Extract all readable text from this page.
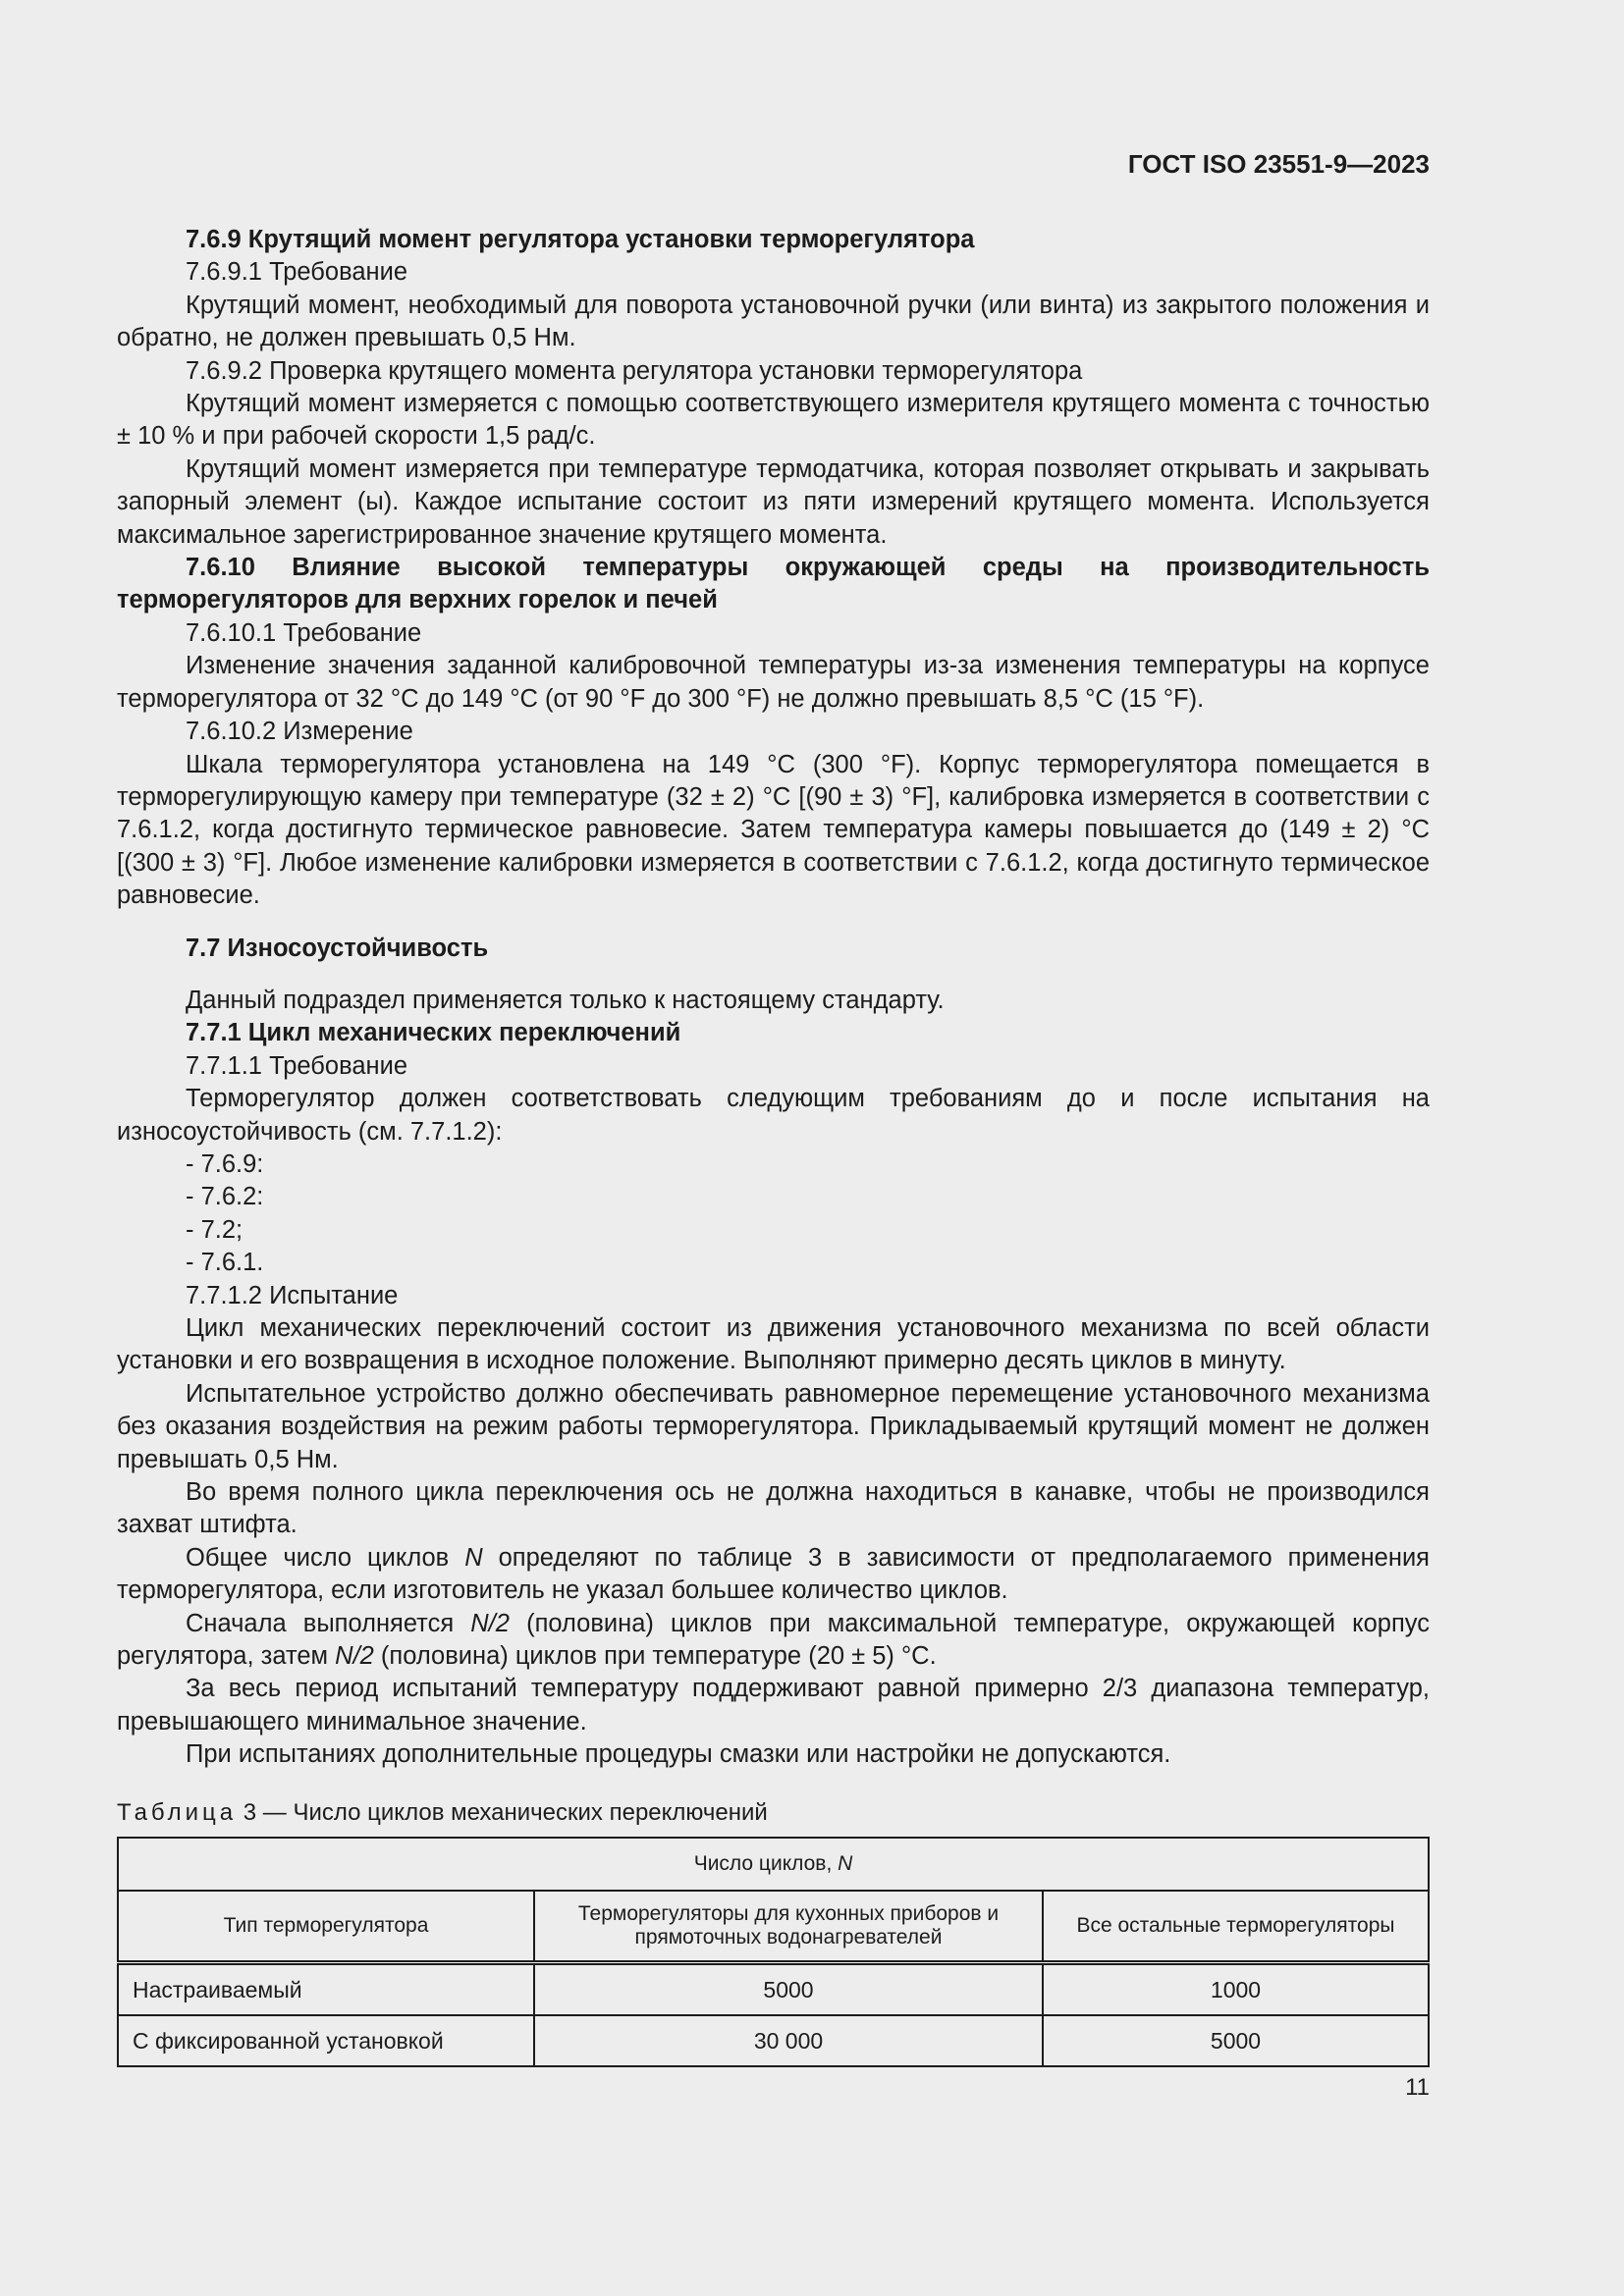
ГОСТ ISO 23551-9—2023

7.6.9 Крутящий момент регулятора установки терморегулятора

7.6.9.1 Требование

Крутящий момент, необходимый для поворота установочной ручки (или винта) из закрытого положения и обратно, не должен превышать 0,5 Нм.

7.6.9.2 Проверка крутящего момента регулятора установки терморегулятора

Крутящий момент измеряется с помощью соответствующего измерителя крутящего момента с точностью ± 10 % и при рабочей скорости 1,5 рад/с.

Крутящий момент измеряется при температуре термодатчика, которая позволяет открывать и закрывать запорный элемент (ы). Каждое испытание состоит из пяти измерений крутящего момента. Используется максимальное зарегистрированное значение крутящего момента.

7.6.10 Влияние высокой температуры окружающей среды на производительность терморегуляторов для верхних горелок и печей

7.6.10.1 Требование

Изменение значения заданной калибровочной температуры из-за изменения температуры на корпусе терморегулятора от 32 °C до 149 °C (от 90 °F до 300 °F) не должно превышать 8,5 °C (15 °F).

7.6.10.2 Измерение

Шкала терморегулятора установлена на 149 °C (300 °F). Корпус терморегулятора помещается в терморегулирующую камеру при температуре (32 ± 2) °C [(90 ± 3) °F], калибровка измеряется в соответствии с 7.6.1.2, когда достигнуто термическое равновесие. Затем температура камеры повышается до (149 ± 2) °C [(300 ± 3) °F]. Любое изменение калибровки измеряется в соответствии с 7.6.1.2, когда достигнуто термическое равновесие.

7.7 Износоустойчивость

Данный подраздел применяется только к настоящему стандарту.

7.7.1 Цикл механических переключений

7.7.1.1 Требование

Терморегулятор должен соответствовать следующим требованиям до и после испытания на износоустойчивость (см. 7.7.1.2):

- 7.6.9:
- 7.6.2:
- 7.2;
- 7.6.1.

7.7.1.2 Испытание

Цикл механических переключений состоит из движения установочного механизма по всей области установки и его возвращения в исходное положение. Выполняют примерно десять циклов в минуту.

Испытательное устройство должно обеспечивать равномерное перемещение установочного механизма без оказания воздействия на режим работы терморегулятора. Прикладываемый крутящий момент не должен превышать 0,5 Нм.

Во время полного цикла переключения ось не должна находиться в канавке, чтобы не производился захват штифта.

Общее число циклов N определяют по таблице 3 в зависимости от предполагаемого применения терморегулятора, если изготовитель не указал большее количество циклов.

Сначала выполняется N/2 (половина) циклов при максимальной температуре, окружающей корпус регулятора, затем N/2 (половина) циклов при температуре (20 ± 5) °C.

За весь период испытаний температуру поддерживают равной примерно 2/3 диапазона температур, превышающего минимальное значение.

При испытаниях дополнительные процедуры смазки или настройки не допускаются.

Таблица 3 — Число циклов механических переключений
Число циклов, N		
Тип терморегулятора	Терморегуляторы для кухонных приборов и прямоточных водонагревателей	Все остальные терморегуляторы
Настраиваемый	5000	1000
С фиксированной установкой	30 000	5000
11
